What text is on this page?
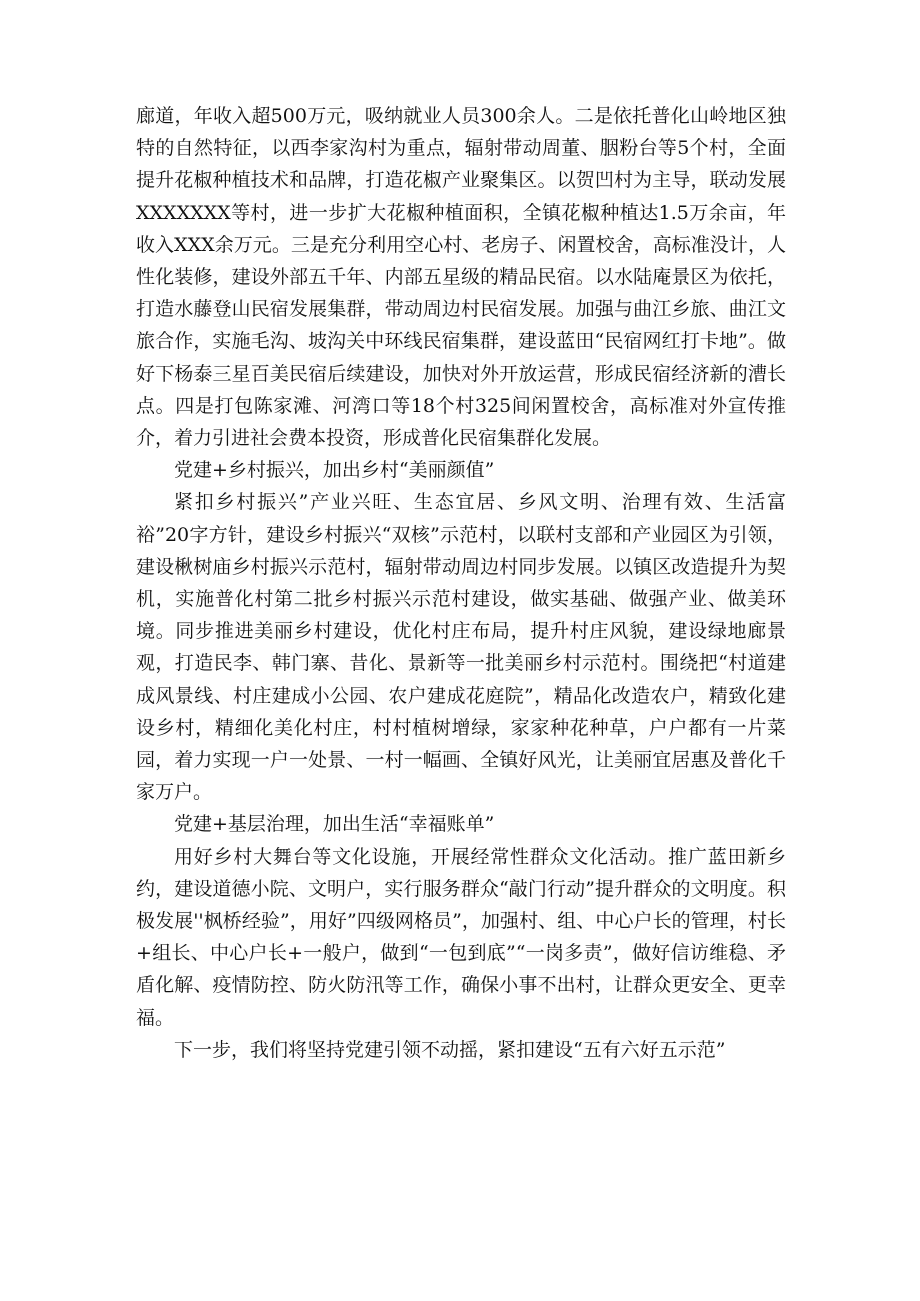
廊道，年收入超500万元，吸纳就业人员300余人。二是依托普化山岭地区独特的自然特征，以西李家沟村为重点，辐射带动周董、胭粉台等5个村，全面提升花椒种植技术和品牌，打造花椒产业聚集区。以贺凹村为主导，联动发展XXXXXXX等村，进一步扩大花椒种植面积，全镇花椒种植达1.5万余亩，年收入XXX余万元。三是充分利用空心村、老房子、闲置校舍，高标准没计，人性化装修，建设外部五千年、内部五星级的精品民宿。以水陆庵景区为依托，打造水藤登山民宿发展集群，带动周边村民宿发展。加强与曲江乡旅、曲江文旅合作，实施毛沟、坡沟关中环线民宿集群，建设蓝田“民宿网红打卡地”。做好下杨泰三星百美民宿后续建设，加快对外开放运营，形成民宿经济新的漕长点。四是打包陈家滩、河湾口等18个村325间闲置校舍，高标准对外宣传推介，着力引进社会费本投资，形成普化民宿集群化发展。

党建+乡村振兴，加出乡村“美丽颜值”

紧扣乡村振兴”产业兴旺、生态宜居、乡风文明、治理有效、生活富裕”20字方针，建设乡村振兴“双核”示范村，以联村支部和产业园区为引领，建设楸树庙乡村振兴示范村，辐射带动周边村同步发展。以镇区改造提升为契机，实施普化村第二批乡村振兴示范村建设，做实基础、做强产业、做美环境。同步推进美丽乡村建设，优化村庄布局，提升村庄风貌，建设绿地廊景观，打造民李、韩门寨、昔化、景新等一批美丽乡村示范村。围绕把“村道建成风景线、村庄建成小公园、农户建成花庭院”，精品化改造农户，精致化建设乡村，精细化美化村庄，村村植树增绿，家家种花种草，户户都有一片菜园，着力实现一户一处景、一村一幅画、全镇好风光，让美丽宜居惠及普化千家万户。

党建+基层治理，加出生活“幸福账单”

用好乡村大舞台等文化设施，开展经常性群众文化活动。推广蓝田新乡约，建设道德小院、文明户，实行服务群众“敲门行动”提升群众的文明度。积极发展''枫桥经验”，用好”四级网格员”，加强村、组、中心户长的管理，村长+组长、中心户长+一般户，做到“一包到底”“一岗多责”，做好信访维稳、矛盾化解、疫情防控、防火防汛等工作，确保小事不出村，让群众更安全、更幸福。

下一步，我们将坚持党建引领不动摇，紧扣建设“五有六好五示范”
